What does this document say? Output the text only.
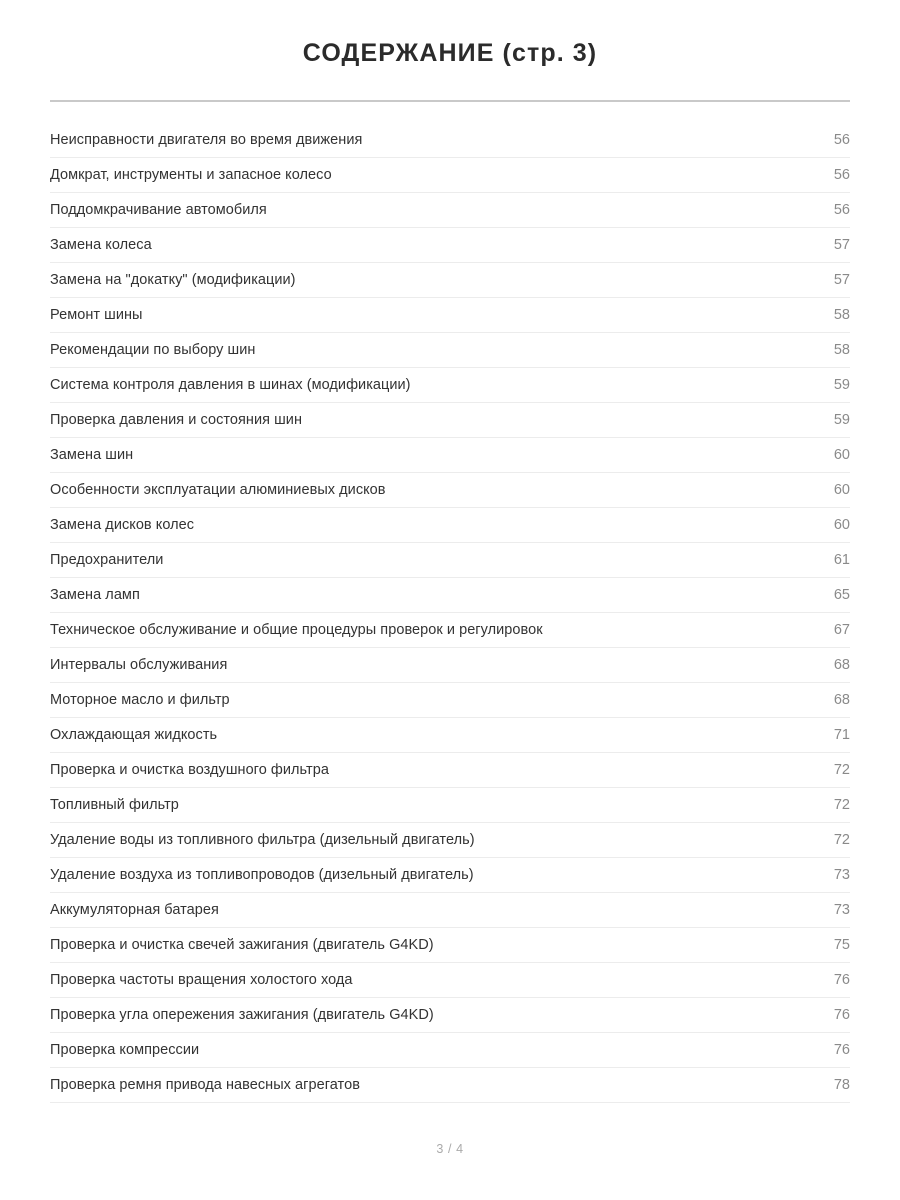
СОДЕРЖАНИЕ (стр. 3)
Неисправности двигателя во время движения	56
Домкрат, инструменты и запасное колесо	56
Поддомкрачивание автомобиля	56
Замена колеса	57
Замена на "докатку" (модификации)	57
Ремонт шины	58
Рекомендации по выбору шин	58
Система контроля давления в шинах (модификации)	59
Проверка давления и состояния шин	59
Замена шин	60
Особенности эксплуатации алюминиевых дисков	60
Замена дисков колес	60
Предохранители	61
Замена ламп	65
Техническое обслуживание и общие процедуры проверок и регулировок	67
Интервалы обслуживания	68
Моторное масло и фильтр	68
Охлаждающая жидкость	71
Проверка и очистка воздушного фильтра	72
Топливный фильтр	72
Удаление воды из топливного фильтра (дизельный двигатель)	72
Удаление воздуха из топливопроводов (дизельный двигатель)	73
Аккумуляторная батарея	73
Проверка и очистка свечей зажигания (двигатель G4KD)	75
Проверка частоты вращения холостого хода	76
Проверка угла опережения зажигания (двигатель G4KD)	76
Проверка компрессии	76
Проверка ремня привода навесных агрегатов	78
3 / 4
